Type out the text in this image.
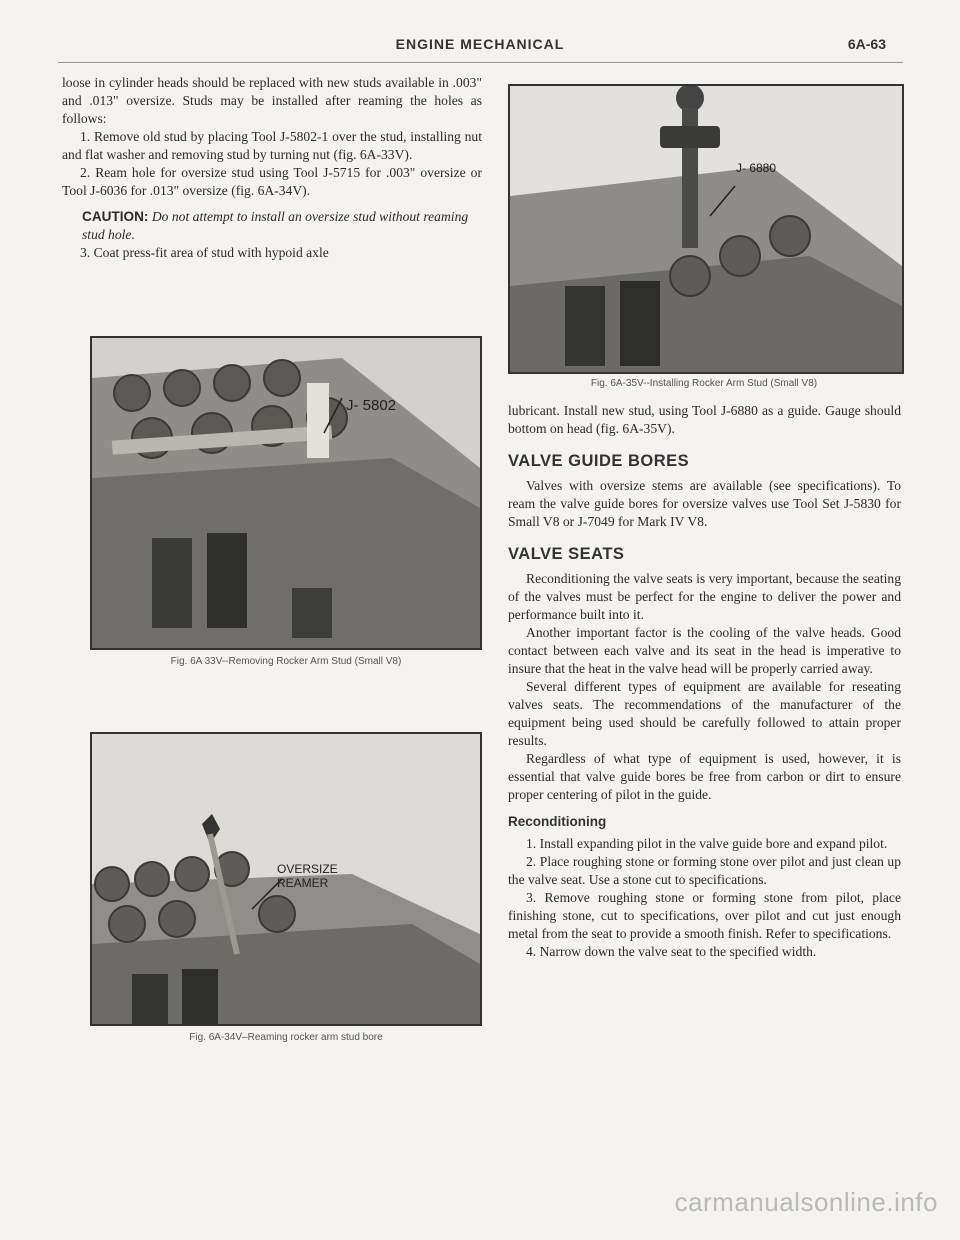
ENGINE MECHANICAL	6A-63

loose in cylinder heads should be replaced with new studs available in .003" and .013" oversize. Studs may be installed after reaming the holes as follows:

1. Remove old stud by placing Tool J-5802-1 over the stud, installing nut and flat washer and removing stud by turning nut (fig. 6A-33V).

2. Ream hole for oversize stud using Tool J-5715 for .003" oversize or Tool J-6036 for .013" oversize (fig. 6A-34V).

CAUTION: Do not attempt to install an oversize stud without reaming stud hole.

3. Coat press-fit area of stud with hypoid axle

J- 5802
Fig. 6A 33V--Removing Rocker Arm Stud (Small V8)
OVERSIZE
REAMER
Fig. 6A-34V–Reaming rocker arm stud bore
J- 6880
Fig. 6A-35V--Installing Rocker Arm Stud (Small V8)

lubricant. Install new stud, using Tool J-6880 as a guide. Gauge should bottom on head (fig. 6A-35V).

VALVE GUIDE BORES

Valves with oversize stems are available (see specifications). To ream the valve guide bores for oversize valves use Tool Set J-5830 for Small V8 or J-7049 for Mark IV V8.

VALVE SEATS

Reconditioning the valve seats is very important, because the seating of the valves must be perfect for the engine to deliver the power and performance built into it.

Another important factor is the cooling of the valve heads. Good contact between each valve and its seat in the head is imperative to insure that the heat in the valve head will be properly carried away.

Several different types of equipment are available for reseating valves seats. The recommendations of the manufacturer of the equipment being used should be carefully followed to attain proper results.

Regardless of what type of equipment is used, however, it is essential that valve guide bores be free from carbon or dirt to ensure proper centering of pilot in the guide.

Reconditioning

1. Install expanding pilot in the valve guide bore and expand pilot.

2. Place roughing stone or forming stone over pilot and just clean up the valve seat. Use a stone cut to specifications.

3. Remove roughing stone or forming stone from pilot, place finishing stone, cut to specifications, over pilot and cut just enough metal from the seat to provide a smooth finish. Refer to specifications.

4. Narrow down the valve seat to the specified width.

carmanualsonline.info
